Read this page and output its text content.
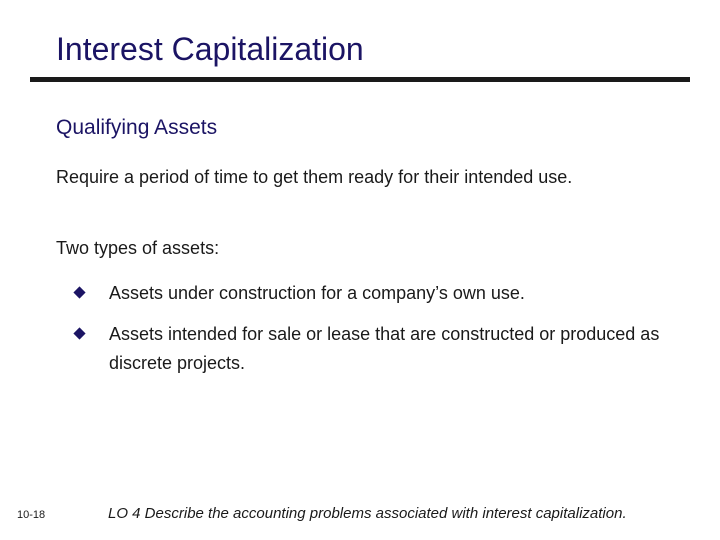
Interest Capitalization
Qualifying Assets

Require a period of time to get them ready for their intended use.

Two types of assets:

Assets under construction for a company’s own use.
Assets intended for sale or lease that are constructed or produced as discrete projects.
10-18	LO 4 Describe the accounting problems associated with interest capitalization.
